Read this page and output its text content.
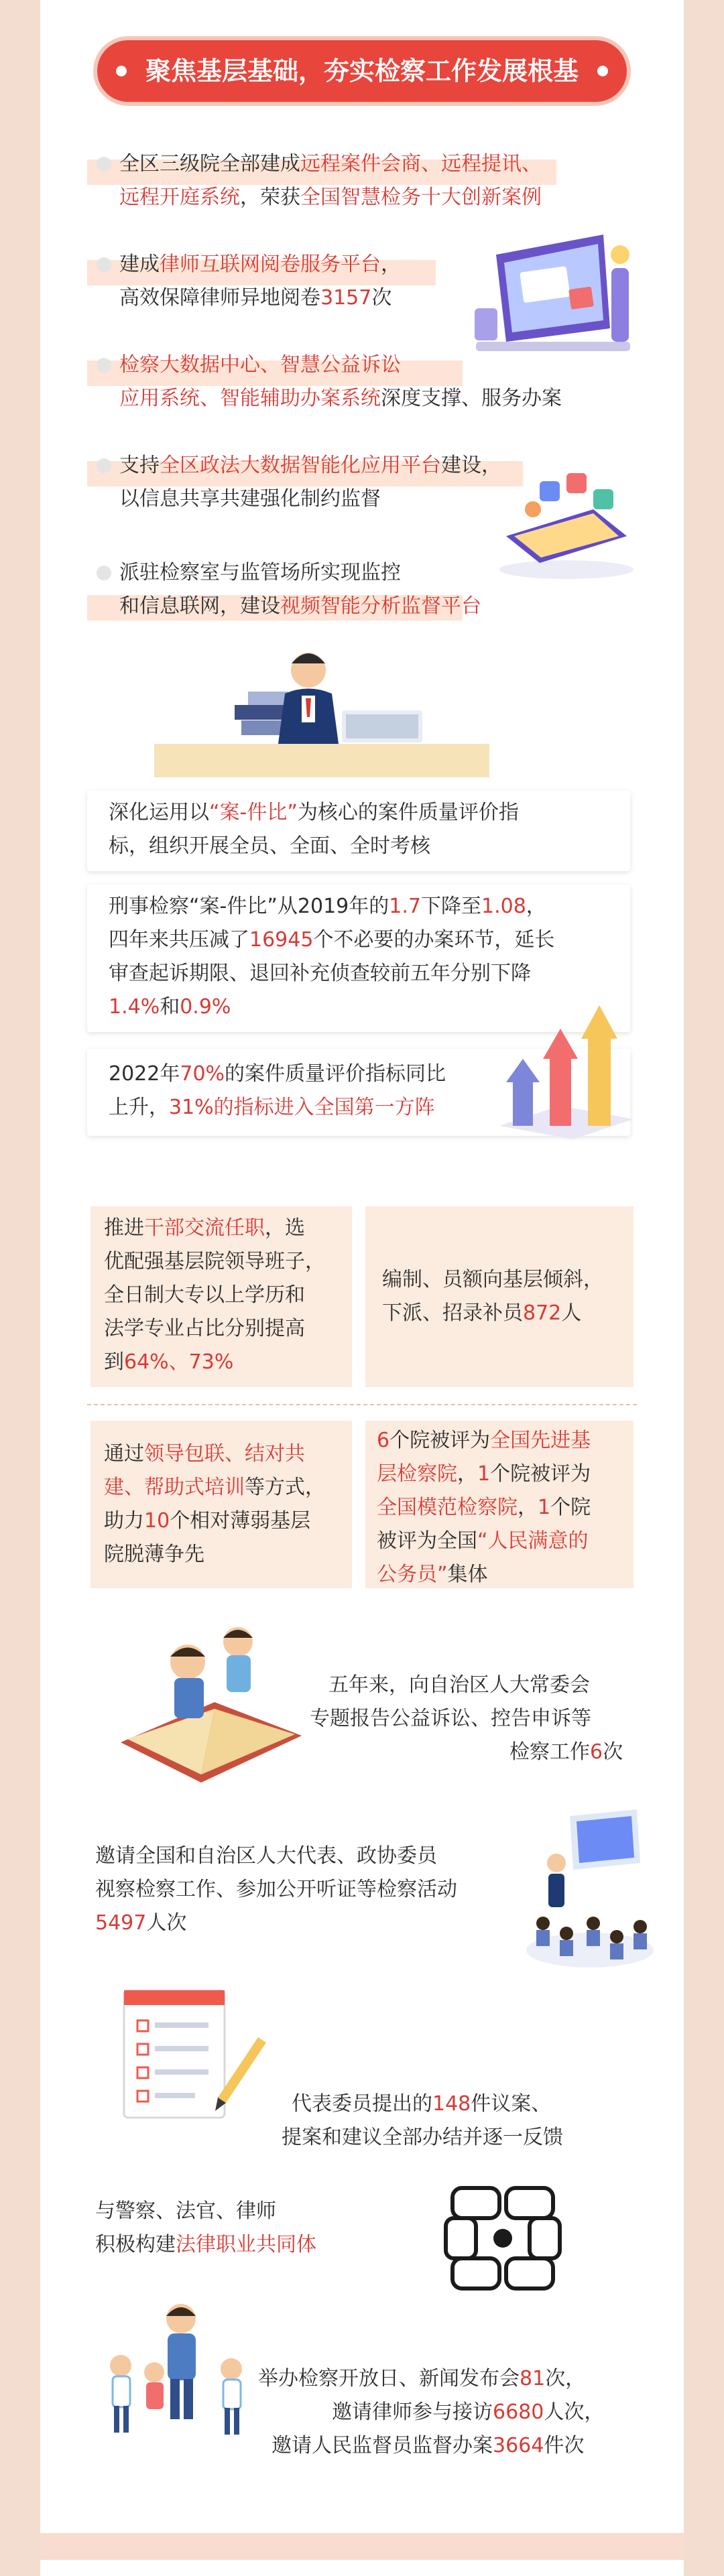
聚焦基层基础，夯实检察工作发展根基
全区三级院全部建成远程案件会商、远程提讯、
远程开庭系统，荣获全国智慧检务十大创新案例
建成律师互联网阅卷服务平台，
高效保障律师异地阅卷3157次
检察大数据中心、智慧公益诉讼
应用系统、智能辅助办案系统深度支撑、服务办案
支持全区政法大数据智能化应用平台建设，
以信息共享共建强化制约监督
派驻检察室与监管场所实现监控
和信息联网，建设视频智能分析监督平台
深化运用以“案-件比”为核心的案件质量评价指
标，组织开展全员、全面、全时考核
刑事检察“案-件比”从2019年的1.7下降至1.08，
四年来共压减了16945个不必要的办案环节，延长
审查起诉期限、退回补充侦查较前五年分别下降
1.4%和0.9%
2022年70%的案件质量评价指标同比
上升，31%的指标进入全国第一方阵
推进干部交流任职，选
优配强基层院领导班子，
全日制大专以上学历和
法学专业占比分别提高
到64%、73%
编制、员额向基层倾斜，
下派、招录补员872人
通过领导包联、结对共
建、帮助式培训等方式，
助力10个相对薄弱基层
院脱薄争先
6个院被评为全国先进基
层检察院，1个院被评为
全国模范检察院，1个院
被评为全国“人民满意的
公务员”集体
五年来，向自治区人大常委会
专题报告公益诉讼、控告申诉等
检察工作6次
邀请全国和自治区人大代表、政协委员
视察检察工作、参加公开听证等检察活动
5497人次
代表委员提出的148件议案、
提案和建议全部办结并逐一反馈
与警察、法官、律师
积极构建法律职业共同体
举办检察开放日、新闻发布会81次，
邀请律师参与接访6680人次，
邀请人民监督员监督办案3664件次
